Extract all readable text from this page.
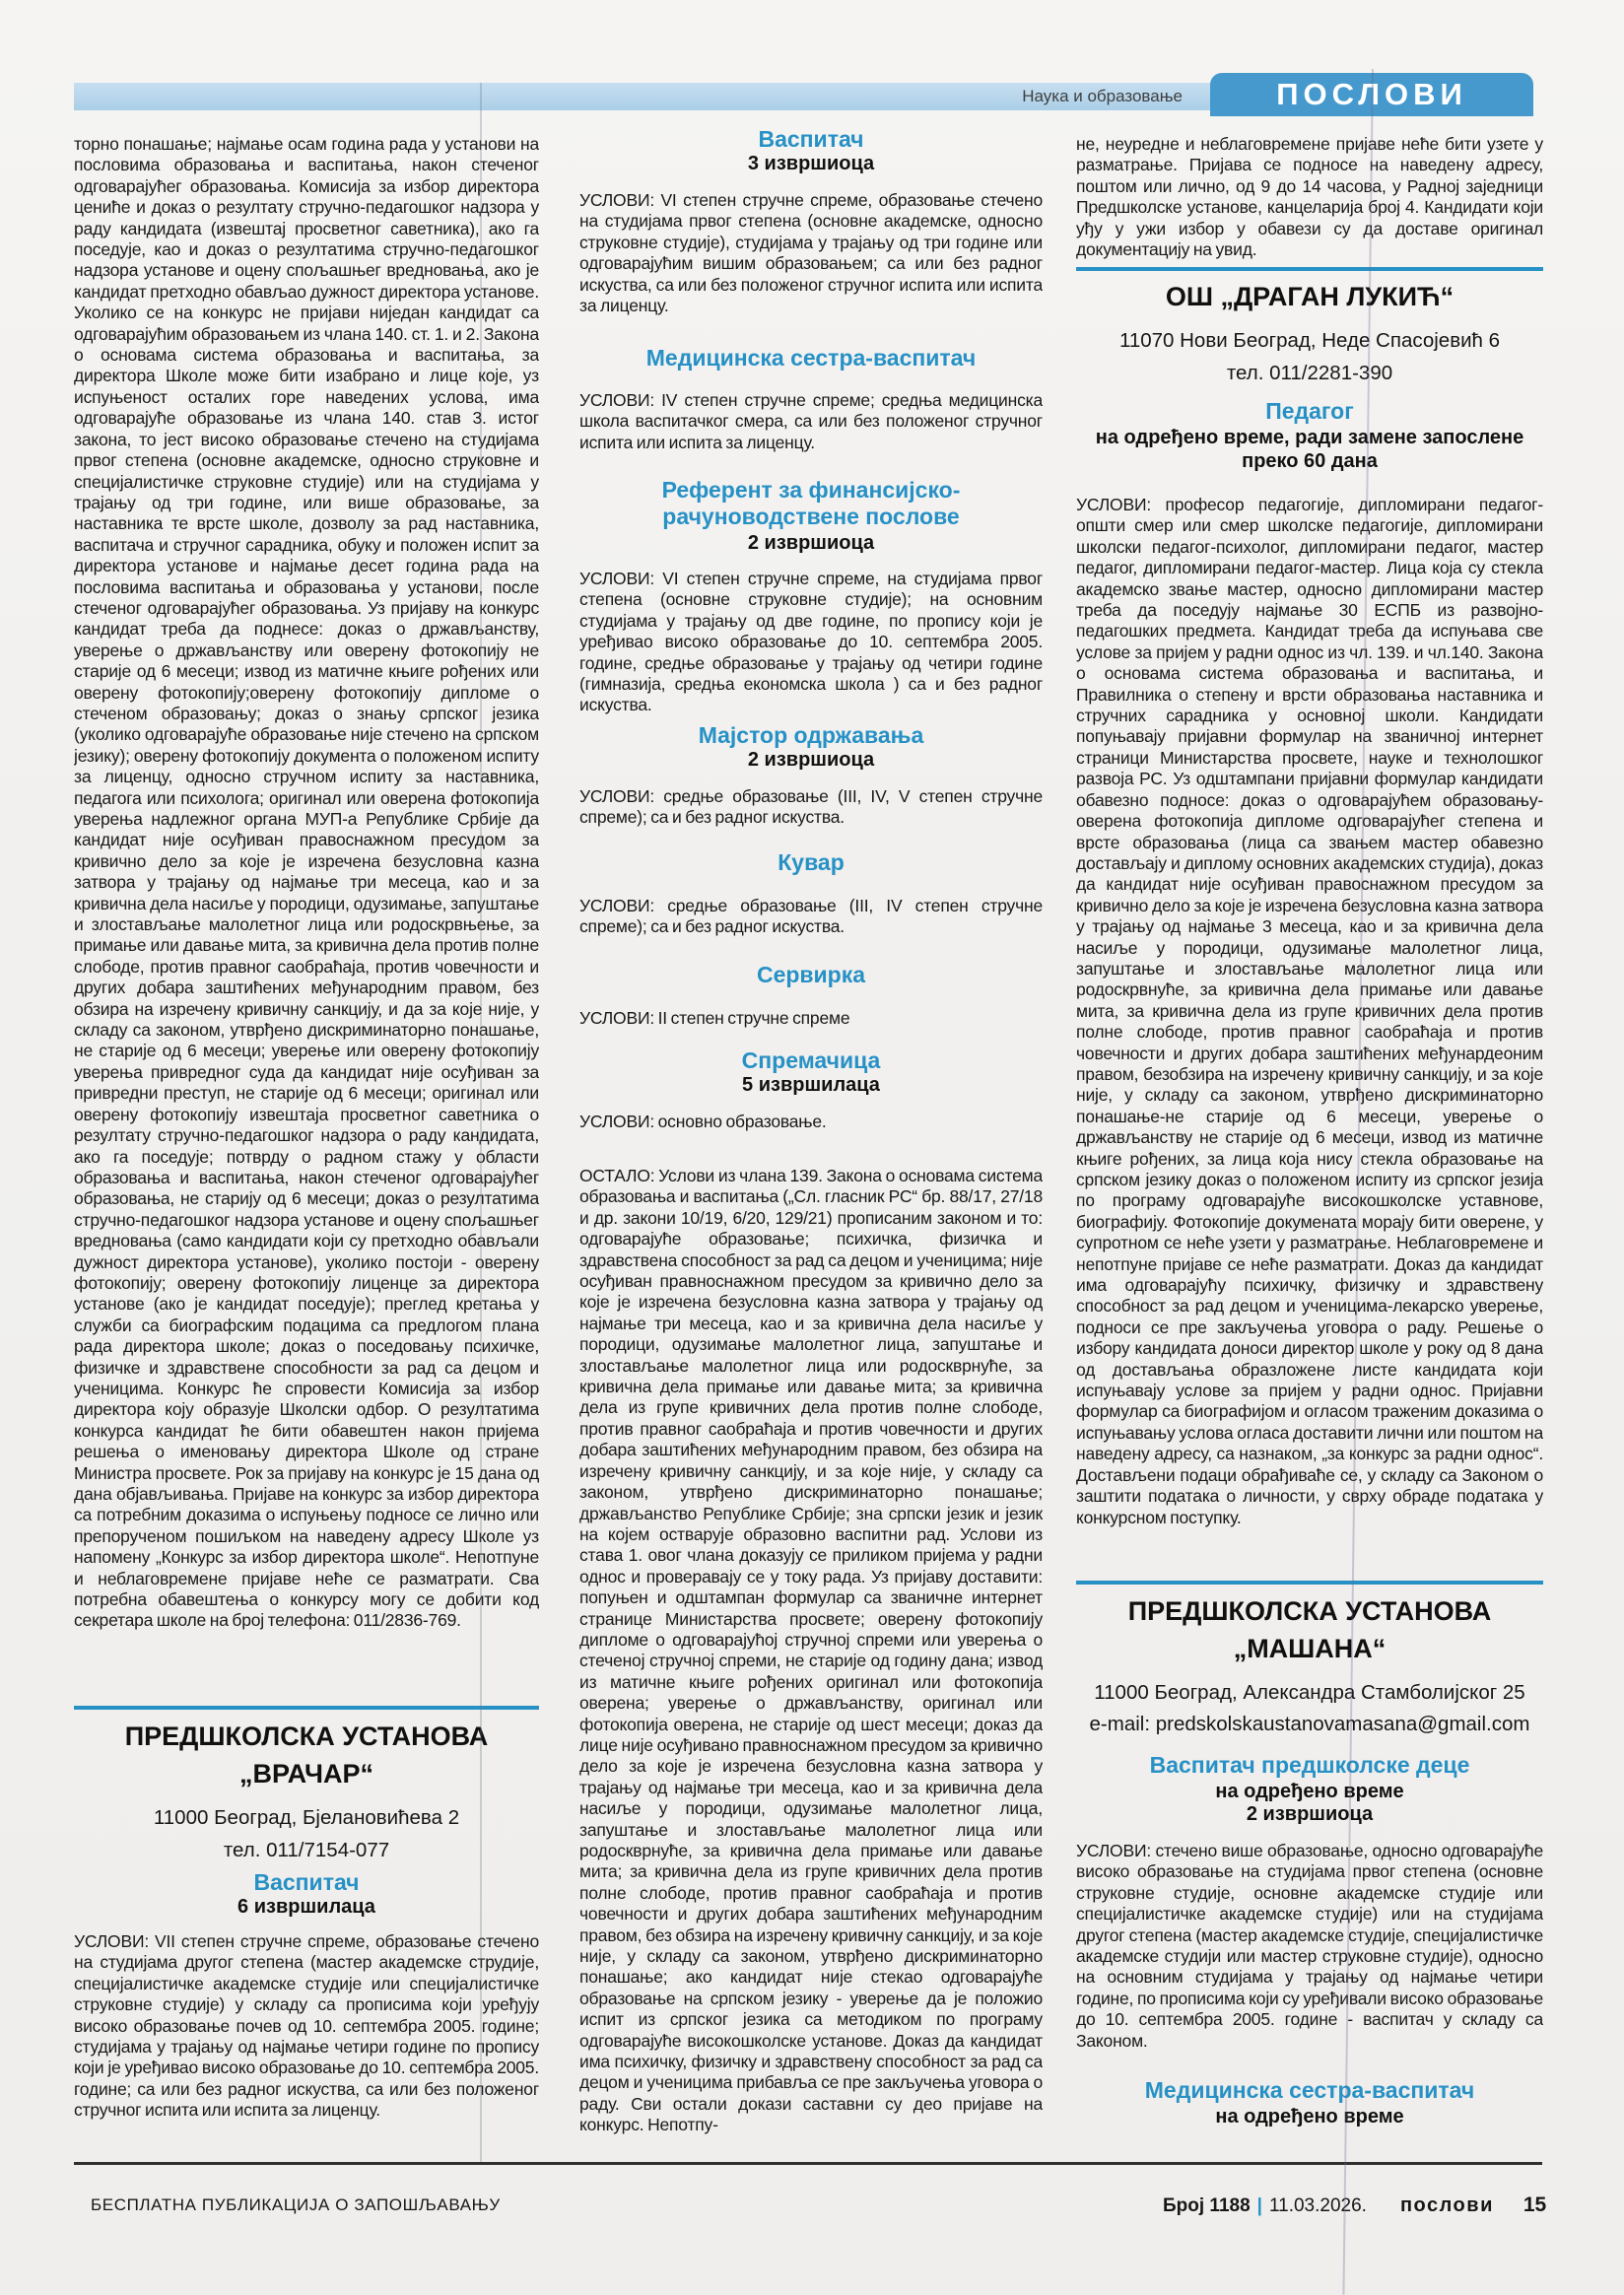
Наука и образовање	ПОСЛОВИ
торно понашање; најмање осам година рада у установи на пословима образовања и васпитања, након стеченог одговарајућег образовања. Комисија за избор директора цениће и доказ о резултату стручно-педагошког надзора у раду кандидата (извештај просветног саветника), ако га поседује, као и доказ о резултатима стручно-педагошког надзора установе и оцену спољашњег вредновања, ако је кандидат претходно обављао дужност директора установе. Уколико се на конкурс не пријави ниједан кандидат са одговарајућим образовањем из члана 140. ст. 1. и 2. Закона о основама система образовања и васпитања, за директора Школе може бити изабрано и лице које, уз испуњеност осталих горе наведених услова, има одговарајуће образовање из члана 140. став 3. истог закона, то јест високо образовање стечено на студијама првог степена (основне академске, односно струковне и специјалистичке струковне студије) или на студијама у трајању од три године, или више образовање, за наставника те врсте школе, дозволу за рад наставника, васпитача и стручног сарадника, обуку и положен испит за директора установе и најмање десет година рада на пословима васпитања и образовања у установи, после стеченог одговарајућег образовања. Уз пријаву на конкурс кандидат треба да поднесе: доказ о држављанству, уверење о држављанству или оверену фотокопију не старије од 6 месеци; извод из матичне књиге рођених или оверену фотокопију;оверену фотокопију дипломе о стеченом образовању; доказ о знању српског језика (уколико одговарајуће образовање није стечено на српском језику); оверену фотокопију документа о положеном испиту за лиценцу, односно стручном испиту за наставника, педагога или психолога; оригинал или оверена фотокопија уверења надлежног органа МУП-а Републике Србије да кандидат није осуђиван правоснажном пресудом за кривично дело за које је изречена безусловна казна затвора у трајању од најмање три месеца, као и за кривична дела насиље у породици, одузимање, запуштање и злостављање малолетног лица или родоскрвњење, за примање или давање мита, за кривична дела против полне слободе, против правног саобраћаја, против човечности и других добара заштићених међународним правом, без обзира на изречену кривичну санкцију, и да за које није, у складу са законом, утврђено дискриминаторно понашање, не старије од 6 месеци; уверење или оверену фотокопију уверења привредног суда да кандидат није осуђиван за привредни преступ, не старије од 6 месеци; оригинал или оверену фотокопију извештаја просветног саветника о резултату стручно-педагошког надзора о раду кандидата, ако га поседује; потврду о радном стажу у области образовања и васпитања, након стеченог одговарајућег образовања, не старију од 6 месеци; доказ о резултатима стручно-педагошког надзора установе и оцену спољашњег вредновања (само кандидати који су претходно обављали дужност директора установе), уколико постоји - оверену фотокопију; оверену фотокопију лиценце за директора установе (ако је кандидат поседује); преглед кретања у служби са биографским подацима са предлогом плана рада директора школе; доказ о поседовању психичке, физичке и здравствене способности за рад са децом и ученицима. Конкурс ће спровести Комисија за избор директора коју образује Школски одбор. О резултатима конкурса кандидат ће бити обавештен након пријема решења о именовању директора Школе од стране Министра просвете. Рок за пријаву на конкурс је 15 дана од дана објављивања. Пријаве на конкурс за избор директора са потребним доказима о испуњењу подносе се лично или препорученом пошиљком на наведену адресу Школе уз напомену „Конкурс за избор директора школе“. Непотпуне и неблаговремене пријаве неће се разматрати. Сва потребна обавештења о конкурсу могу се добити код секретара школе на број телефона: 011/2836-769.
ПРЕДШКОЛСКА УСТАНОВА
„ВРАЧАР“
11000 Београд, Бјелановићева 2
тел. 011/7154-077
Васпитач
6 извршилаца
УСЛОВИ: VII степен стручне спреме, образовање стечено на студијама другог степена (мастер академске струдије, специјалистичке академске студије или специјалистичке струковне студије) у складу са прописима који уређују високо образовање почев од 10. септембра 2005. године; студијама у трајању од најмање четири године по пропису који је уређивао високо образовање до 10. септембра 2005. године; са или без радног искуства, са или без положеног стручног испита или испита за лиценцу.
Васпитач
3 извршиоца
УСЛОВИ: VI степен стручне спреме, образовање стечено на студијама првог степена (основне академске, односно струковне студије), студијама у трајању од три године или одговарајућим вишим образовањем; са или без радног искуства, са или без положеног стручног испита или испита за лиценцу.
Медицинска сестра-васпитач
УСЛОВИ: IV степен стручне спреме; средња медицинска школа васпитачког смера, са или без положеног стручног испита или испита за лиценцу.
Референт за финансијско-рачуноводствене послове
2 извршиоца
УСЛОВИ: VI степен стручне спреме, на студијама првог степена (основне струковне студије); на основним студијама у трајању од две године, по пропису који је уређивао високо образовање до 10. септембра 2005. године, средње образовање у трајању од четири године (гимназија, средња економска школа ) са и без радног искуства.
Мајстор одржавања
2 извршиоца
УСЛОВИ: средње образовање (III, IV, V степен стручне спреме); са и без радног искуства.
Кувар
УСЛОВИ: средње образовање (III, IV степен стручне спреме); са и без радног искуства.
Сервирка
УСЛОВИ: II степен стручне спреме
Спремачица
5 извршилаца
УСЛОВИ: основно образовање.
ОСТАЛО: Услови из члана 139. Закона о основама система образовања и васпитања („Сл. гласник РС“ бр. 88/17, 27/18 и др. закони 10/19, 6/20, 129/21) прописаним законом и то: одговарајуће образовање; психичка, физичка и здравствена способност за рад са децом и ученицима; није осуђиван правноснажном пресудом за кривично дело за које је изречена безусловна казна затвора у трајању од најмање три месеца, као и за кривична дела насиље у породици, одузимање малолетног лица, запуштање и злостављање малолетног лица или родоскврнуће, за кривична дела примање или давање мита; за кривична дела из групе кривичних дела против полне слободе, против правног саобраћаја и против човечности и других добара заштићених међународним правом, без обзира на изречену кривичну санкцију, и за које није, у складу са законом, утврђено дискриминаторно понашање; држављанство Републике Србије; зна српски језик и језик на којем остварује образовно васпитни рад. Услови из става 1. овог члана доказују се приликом пријема у радни однос и проверавају се у току рада. Уз пријаву доставити: попуњен и одштампан формулар са званичне интернет странице Министарства просвете; оверену фотокопију дипломе о одговарајућој стручној спреми или уверења о стеченој стручној спреми, не старије од годину дана; извод из матичне књиге рођених оригинал или фотокопија оверена; уверење о држављанству, оригинал или фотокопија оверена, не старије од шест месеци; доказ да лице није осуђивано правноснажном пресудом за кривично дело за које је изречена безусловна казна затвора у трајању од најмање три месеца, као и за кривична дела насиље у породици, одузимање малолетног лица, запуштање и злостављање малолетног лица или родоскврнуће, за кривична дела примање или давање мита; за кривична дела из групе кривичних дела против полне слободе, против правног саобраћаја и против човечности и других добара заштићених међународним правом, без обзира на изречену кривичну санкцију, и за које није, у складу са законом, утврђено дискриминаторно понашање; ако кандидат није стекао одговарајуће образовање на српском језику - уверење да је положио испит из српског језика са методиком по програму одговарајуће високошколске установе. Доказ да кандидат има психичку, физичку и здравствену способност за рад са децом и ученицима прибавља се пре закључења уговора о раду. Сви остали докази саставни су део пријаве на конкурс. Непотпу-
не, неуредне и неблаговремене пријаве неће бити узете у разматрање. Пријава се подносе на наведену адресу, поштом или лично, од 9 до 14 часова, у Радној заједници Предшколске установе, канцеларија број 4. Кандидати који уђу у ужи избор у обавези су да доставе оригинал документацију на увид.
ОШ „ДРАГАН ЛУКИЋ“
11070 Нови Београд, Неде Спасојевић 6
тел. 011/2281-390
Педагог
на одређено време, ради замене запослене
преко 60 дана
УСЛОВИ: професор педагогије, дипломирани педагог-општи смер или смер школске педагогије, дипломирани школски педагог-психолог, дипломирани педагог, мастер педагог, дипломирани педагог-мастер. Лица која су стекла академско звање мастер, односно дипломирани мастер треба да поседују најмање 30 ЕСПБ из развојно-педагошких предмета. Кандидат треба да испуњава све услове за пријем у радни однос из чл. 139. и чл.140. Закона о основама система образовања и васпитања, и Правилника о степену и врсти образовања наставника и стручних сарадника у основној школи. Кандидати попуњавају пријавни формулар на званичној интернет страници Министарства просвете, науке и технолошког развоја РС. Уз одштампани пријавни формулар кандидати обавезно подносе: доказ о одговарајућем образовању-оверена фотокопија дипломе одговарајућег степена и врсте образовања (лица са звањем мастер обавезно достављају и диплому основних академских студија), доказ да кандидат није осуђиван правоснажном пресудом за кривично дело за које је изречена безусловна казна затвора у трајању од најмање 3 месеца, као и за кривична дела насиље у породици, одузимање малолетног лица, запуштање и злостављање малолетног лица или родоскрвнуће, за кривична дела примање или давање мита, за кривична дела из групе кривичних дела против полне слободе, против правног саобраћаја и против човечности и других добара заштићених међунардеоним правом, безобзира на изречену кривичну санкцију, и за које није, у складу са законом, утврђено дискриминаторно понашање-не старије од 6 месеци, уверење о држављанству не старије од 6 месеци, извод из матичне књиге рођених, за лица која нису стекла образовање на српском језику доказ о положеном испиту из српског језија по програму одговарајуће високошколске уставнове, биографију. Фотокопије докумената морају бити оверене, у супротном се неће узети у разматрање. Неблаговремене и непотпуне пријаве се неће разматрати. Доказ да кандидат има одговарајућу психичку, физичку и здравствену способност за рад децом и ученицима-лекарско уверење, подноси се пре закључења уговора о раду. Решење о избору кандидата доноси директор школе у року од 8 дана од достављања образложене листе кандидата који испуњавају услове за пријем у радни однос. Пријавни формулар са биографијом и огласом траженим доказима о испуњавању услова огласа доставити лични или поштом на наведену адресу, са назнаком, „за конкурс за радни однос“. Достављени подаци обрађиваће се, у складу са Законом о заштити података о личности, у сврху обраде података у конкурсном поступку.
ПРЕДШКОЛСКА УСТАНОВА
„МАШАНА“
11000 Београд, Александра Стамболијског 25
e-mail: predskolskaustanovamasana@gmail.com
Васпитач предшколске деце
на одређено време
2 извршиоца
УСЛОВИ: стечено више образовање, односно одговарајуће високо образовање на студијама првог степена (основне струковне студије, основне академске студије или специјалистичке академске студије) или на студијама другог степена (мастер академске студије, специјалистичке академске студији или мастер струковне студије), односно на основним студијама у трајању од најмање четири године, по прописима који су уређивали високо образовање до 10. септембра 2005. године - васпитач у складу са Законом.
Медицинска сестра-васпитач
на одређено време
БЕСПЛАТНА ПУБЛИКАЦИЈА О ЗАПОШЉАВАЊУ	Број 1188 | 11.03.2026. послови 15
